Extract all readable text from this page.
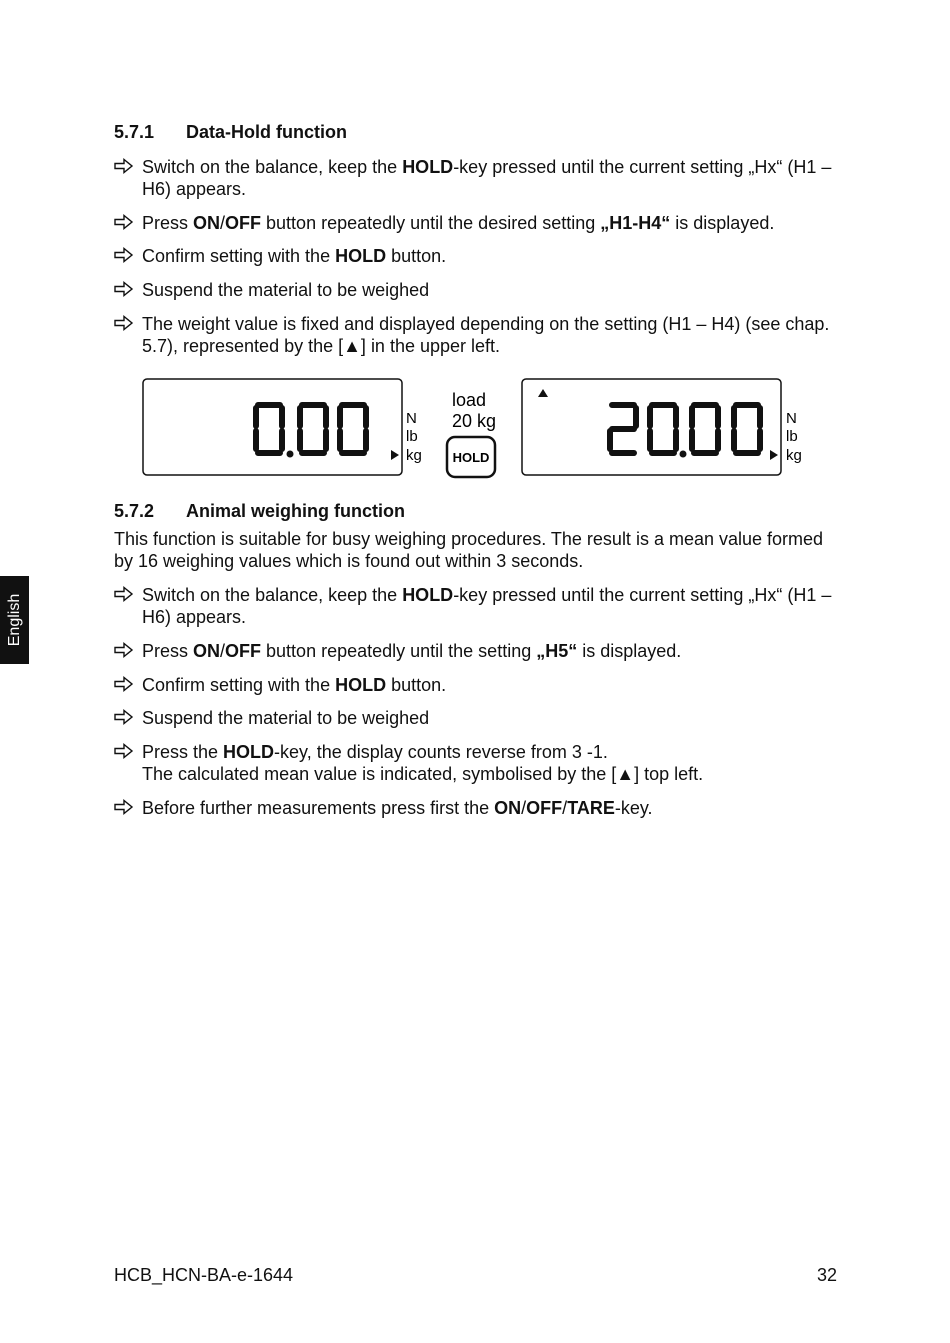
English
5.7.1 Data-Hold function
Switch on the balance, keep the HOLD-key pressed until the current setting „Hx“ (H1 – H6) appears.
Press ON/OFF button repeatedly until the desired setting „H1-H4“ is displayed.
Confirm setting with the HOLD button.
Suspend the material to be weighed
The weight value is fixed and displayed depending on the setting (H1 – H4) (see chap. 5.7), represented by the [▲] in the upper left.
N
lb
kg
load
20 kg
HOLD
N
lb
kg
5.7.2 Animal weighing function
This function is suitable for busy weighing procedures. The result is a mean value formed by 16 weighing values which is found out within 3 seconds.
Switch on the balance, keep the HOLD-key pressed until the current setting „Hx“ (H1 – H6) appears.
Press ON/OFF button repeatedly until the setting „H5“ is displayed.
Confirm setting with the HOLD button.
Suspend the material to be weighed
Press the HOLD-key, the display counts reverse from 3 -1.
The calculated mean value is indicated, symbolised by the [▲] top left.
Before further measurements press first the ON/OFF/TARE-key.
HCB_HCN-BA-e-1644	32
